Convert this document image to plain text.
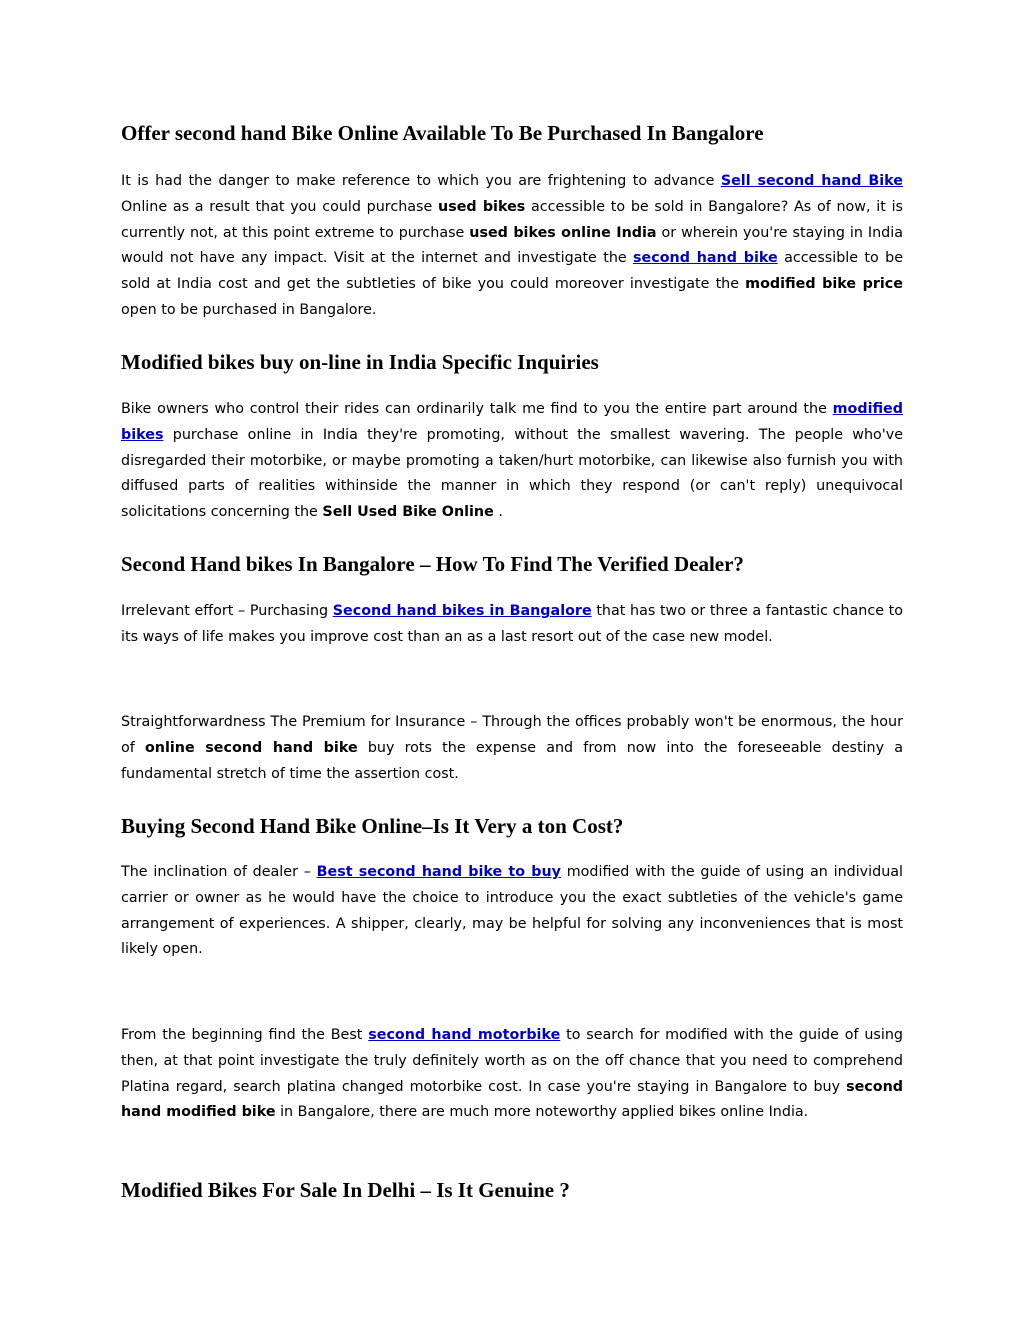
Offer second hand Bike Online Available To Be Purchased In Bangalore

It is had the danger to make reference to which you are frightening to advance Sell second hand Bike Online as a result that you could purchase used bikes accessible to be sold in Bangalore? As of now, it is currently not, at this point extreme to purchase used bikes online India or wherein you're staying in India would not have any impact. Visit at the internet and investigate the second hand bike accessible to be sold at India cost and get the subtleties of bike you could moreover investigate the modified bike price open to be purchased in Bangalore.

Modified bikes buy on-line in India Specific Inquiries

Bike owners who control their rides can ordinarily talk me find to you the entire part around the modified bikes purchase online in India they're promoting, without the smallest wavering. The people who've disregarded their motorbike, or maybe promoting a taken/hurt motorbike, can likewise also furnish you with diffused parts of realities withinside the manner in which they respond (or can't reply) unequivocal solicitations concerning the Sell Used Bike Online .

Second Hand bikes In Bangalore – How To Find The Verified Dealer?

Irrelevant effort – Purchasing Second hand bikes in Bangalore that has two or three a fantastic chance to its ways of life makes you improve cost than an as a last resort out of the case new model.

Straightforwardness The Premium for Insurance – Through the offices probably won't be enormous, the hour of online second hand bike buy rots the expense and from now into the foreseeable destiny a fundamental stretch of time the assertion cost.

Buying Second Hand Bike Online–Is It Very a ton Cost?

The inclination of dealer – Best second hand bike to buy modified with the guide of using an individual carrier or owner as he would have the choice to introduce you the exact subtleties of the vehicle's game arrangement of experiences. A shipper, clearly, may be helpful for solving any inconveniences that is most likely open.

From the beginning find the Best second hand motorbike to search for modified with the guide of using then, at that point investigate the truly definitely worth as on the off chance that you need to comprehend Platina regard, search platina changed motorbike cost. In case you're staying in Bangalore to buy second hand modified bike in Bangalore, there are much more noteworthy applied bikes online India.

Modified Bikes For Sale In Delhi – Is It Genuine ?
